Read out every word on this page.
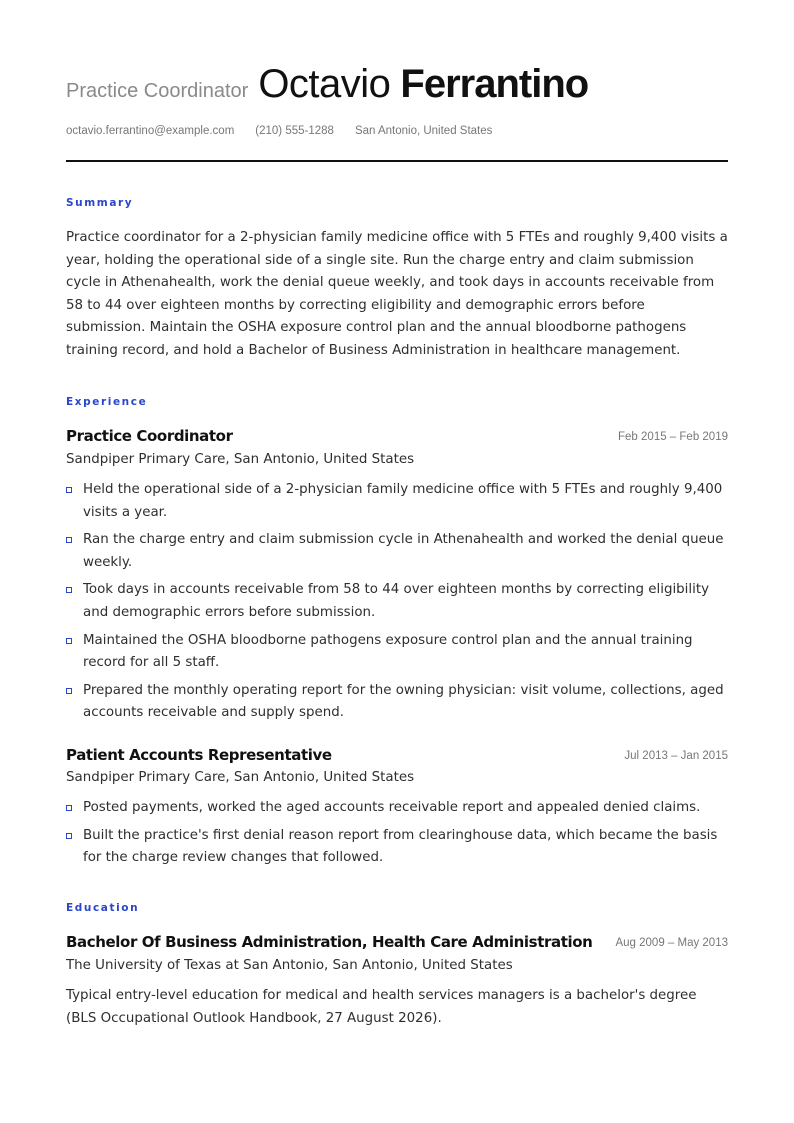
Practice Coordinator Octavio Ferrantino
octavio.ferrantino@example.com (210) 555-1288 San Antonio, United States
Summary
Practice coordinator for a 2-physician family medicine office with 5 FTEs and roughly 9,400 visits a year, holding the operational side of a single site. Run the charge entry and claim submission cycle in Athenahealth, work the denial queue weekly, and took days in accounts receivable from 58 to 44 over eighteen months by correcting eligibility and demographic errors before submission. Maintain the OSHA exposure control plan and the annual bloodborne pathogens training record, and hold a Bachelor of Business Administration in healthcare management.
Experience
Practice Coordinator	Feb 2015 – Feb 2019
Sandpiper Primary Care, San Antonio, United States
Held the operational side of a 2-physician family medicine office with 5 FTEs and roughly 9,400 visits a year.
Ran the charge entry and claim submission cycle in Athenahealth and worked the denial queue weekly.
Took days in accounts receivable from 58 to 44 over eighteen months by correcting eligibility and demographic errors before submission.
Maintained the OSHA bloodborne pathogens exposure control plan and the annual training record for all 5 staff.
Prepared the monthly operating report for the owning physician: visit volume, collections, aged accounts receivable and supply spend.
Patient Accounts Representative	Jul 2013 – Jan 2015
Sandpiper Primary Care, San Antonio, United States
Posted payments, worked the aged accounts receivable report and appealed denied claims.
Built the practice's first denial reason report from clearinghouse data, which became the basis for the charge review changes that followed.
Education
Bachelor Of Business Administration, Health Care Administration Aug 2009 – May 2013
The University of Texas at San Antonio, San Antonio, United States
Typical entry-level education for medical and health services managers is a bachelor's degree (BLS Occupational Outlook Handbook, 27 August 2026).
